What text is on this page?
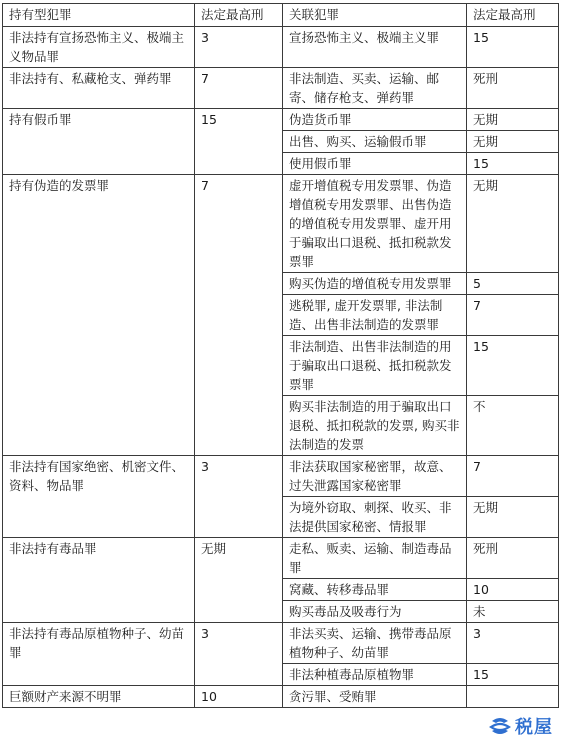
持有型犯罪	法定最高刑	关联犯罪	法定最高刑
非法持有宣扬恐怖主义、极端主义物品罪	3	宣扬恐怖主义、极端主义罪	15
非法持有、私藏枪支、弹药罪	7	非法制造、买卖、运输、邮寄、储存枪支、弹药罪	死刑
持有假币罪	15	伪造货币罪	无期
		出售、购买、运输假币罪	无期
		使用假币罪	15
持有伪造的发票罪	7	虚开增值税专用发票罪、伪造增值税专用发票罪、出售伪造的增值税专用发票罪、虚开用于骗取出口退税、抵扣税款发票罪	无期
		购买伪造的增值税专用发票罪	5
		逃税罪, 虚开发票罪, 非法制造、出售非法制造的发票罪	7
		非法制造、出售非法制造的用于骗取出口退税、抵扣税款发票罪	15
		购买非法制造的用于骗取出口退税、抵扣税款的发票, 购买非法制造的发票	不
非法持有国家绝密、机密文件、资料、物品罪	3	非法获取国家秘密罪，故意、过失泄露国家秘密罪	7
		为境外窃取、刺探、收买、非法提供国家秘密、情报罪	无期
非法持有毒品罪	无期	走私、贩卖、运输、制造毒品罪	死刑
		窝藏、转移毒品罪	10
		购买毒品及吸毒行为	未
非法持有毒品原植物种子、幼苗罪	3	非法买卖、运输、携带毒品原植物种子、幼苗罪	3
		非法种植毒品原植物罪	15
巨额财产来源不明罪	10	贪污罪、受贿罪	
税屋
